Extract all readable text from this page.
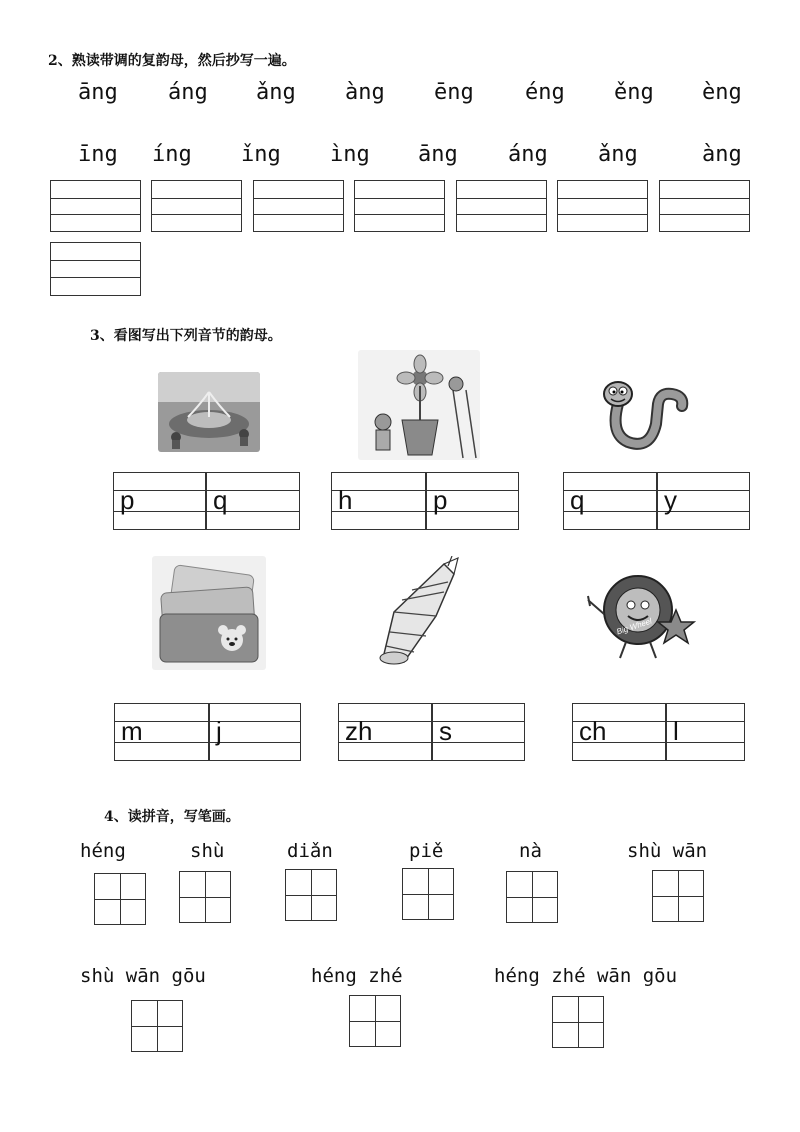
2、熟读带调的复韵母，然后抄写一遍。
āng áng ǎng àng ēng éng ěng èng
īng íng ǐng ìng āng áng ǎng	àng
3、看图写出下列音节的韵母。
p	q	h	p	q	y
Big Wheel
m	j	zh	s	ch	l
4、读拼音，写笔画。
héng	shù	diǎn	piě	nà	shù wān
shù wān gōu	héng zhé	héng zhé wān gōu
